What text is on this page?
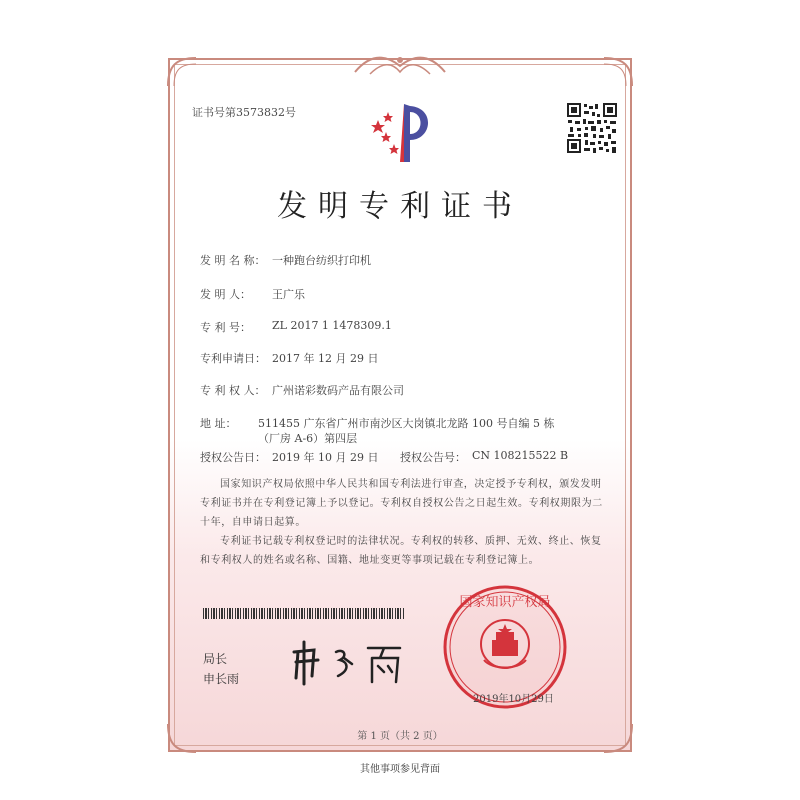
证书号第3573832号
发明专利证书
发 明 名 称： 一种跑台纺织打印机
发 明 人： 王广乐
专 利 号： ZL 2017 1 1478309.1
专利申请日： 2017 年 12 月 29 日
专 利 权 人： 广州诺彩数码产品有限公司
地 址： 511455 广东省广州市南沙区大岗镇北龙路 100 号自编 5 栋
（厂房 A-6）第四层
授权公告日： 2019 年 10 月 29 日 授权公告号： CN 108215522 B
国家知识产权局依照中华人民共和国专利法进行审查，决定授予专利权，颁发发明专利证书并在专利登记簿上予以登记。专利权自授权公告之日起生效。专利权期限为二十年，自申请日起算。
专利证书记载专利权登记时的法律状况。专利权的转移、质押、无效、终止、恢复和专利权人的姓名或名称、国籍、地址变更等事项记载在专利登记簿上。
局长
申长雨
国家知识产权局
2019年10月29日
第 1 页（共 2 页）
其他事项参见背面
